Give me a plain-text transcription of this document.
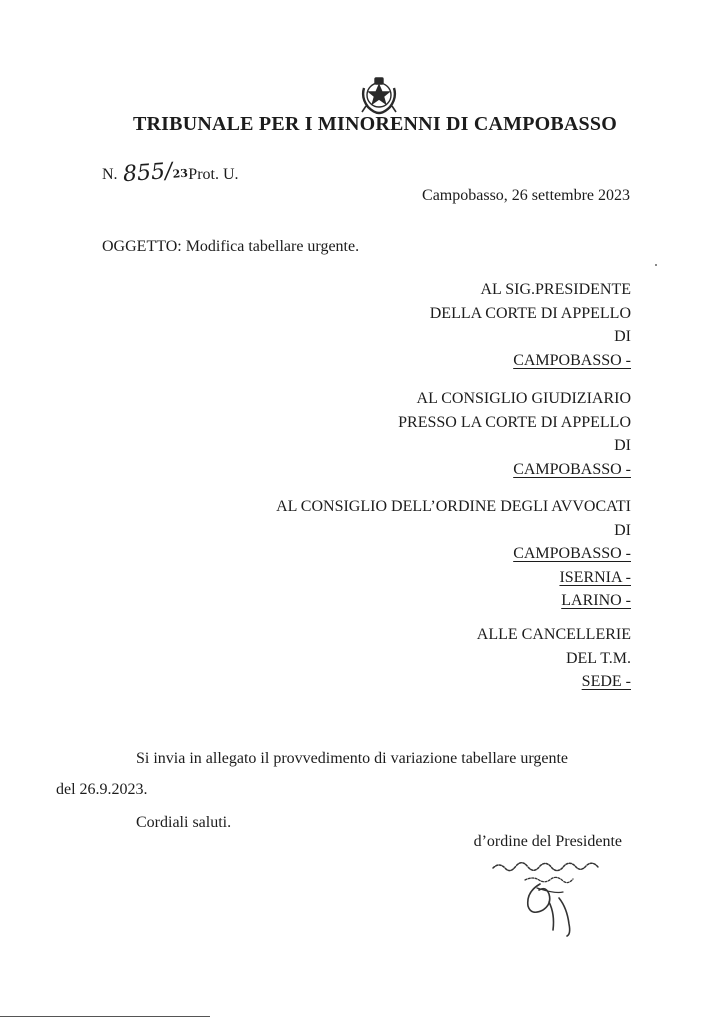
TRIBUNALE PER I MINORENNI DI CAMPOBASSO
N. 855/23Prot. U.
Campobasso, 26 settembre 2023
OGGETTO: Modifica tabellare urgente.
AL SIG.PRESIDENTE
DELLA CORTE DI APPELLO
DI
CAMPOBASSO -
AL CONSIGLIO GIUDIZIARIO
PRESSO LA CORTE DI APPELLO
DI
CAMPOBASSO -
AL CONSIGLIO DELL’ORDINE DEGLI AVVOCATI
DI
CAMPOBASSO -
ISERNIA -
LARINO -
ALLE CANCELLERIE
DEL T.M.
SEDE -
Si invia in allegato il provvedimento di variazione tabellare urgente
del 26.9.2023.
Cordiali saluti.
d’ordine del Presidente
